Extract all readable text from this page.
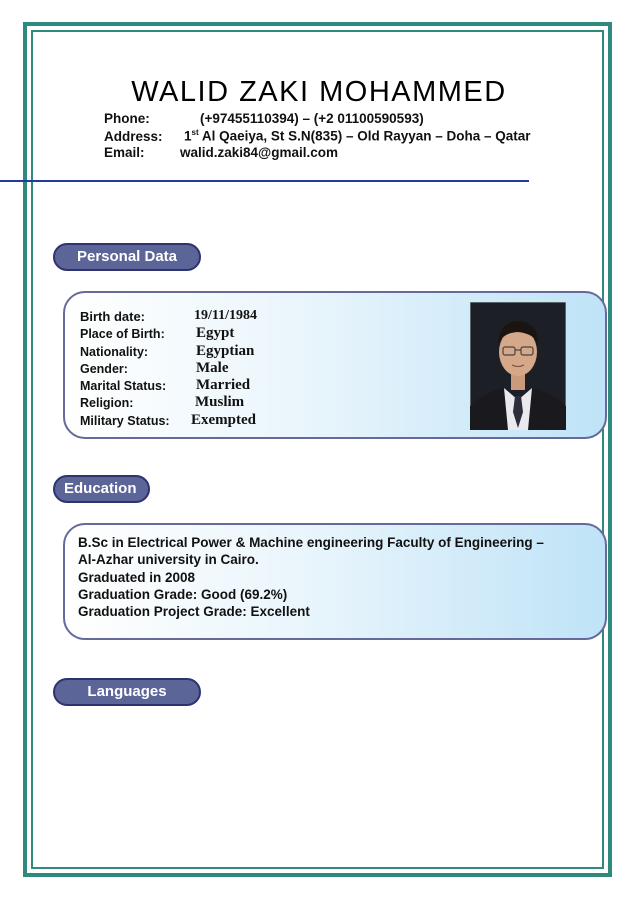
WALID ZAKI MOHAMMED
Phone:	(+97455110394) – (+2 01100590593)
Address: 1st Al Qaeiya, St S.N(835) – Old Rayyan – Doha – Qatar
Email:	walid.zaki84@gmail.com
Personal Data
Birth date:	19/11/1984
Place of Birth: Egypt
Nationality:	Egyptian
Gender:	Male
Marital Status: Married
Religion:	Muslim
Military Status: Exempted
Education
B.Sc in Electrical Power & Machine engineering Faculty of Engineering –
Al-Azhar university in Cairo.
Graduated in 2008
Graduation Grade: Good (69.2%)
Graduation Project Grade: Excellent
Languages
